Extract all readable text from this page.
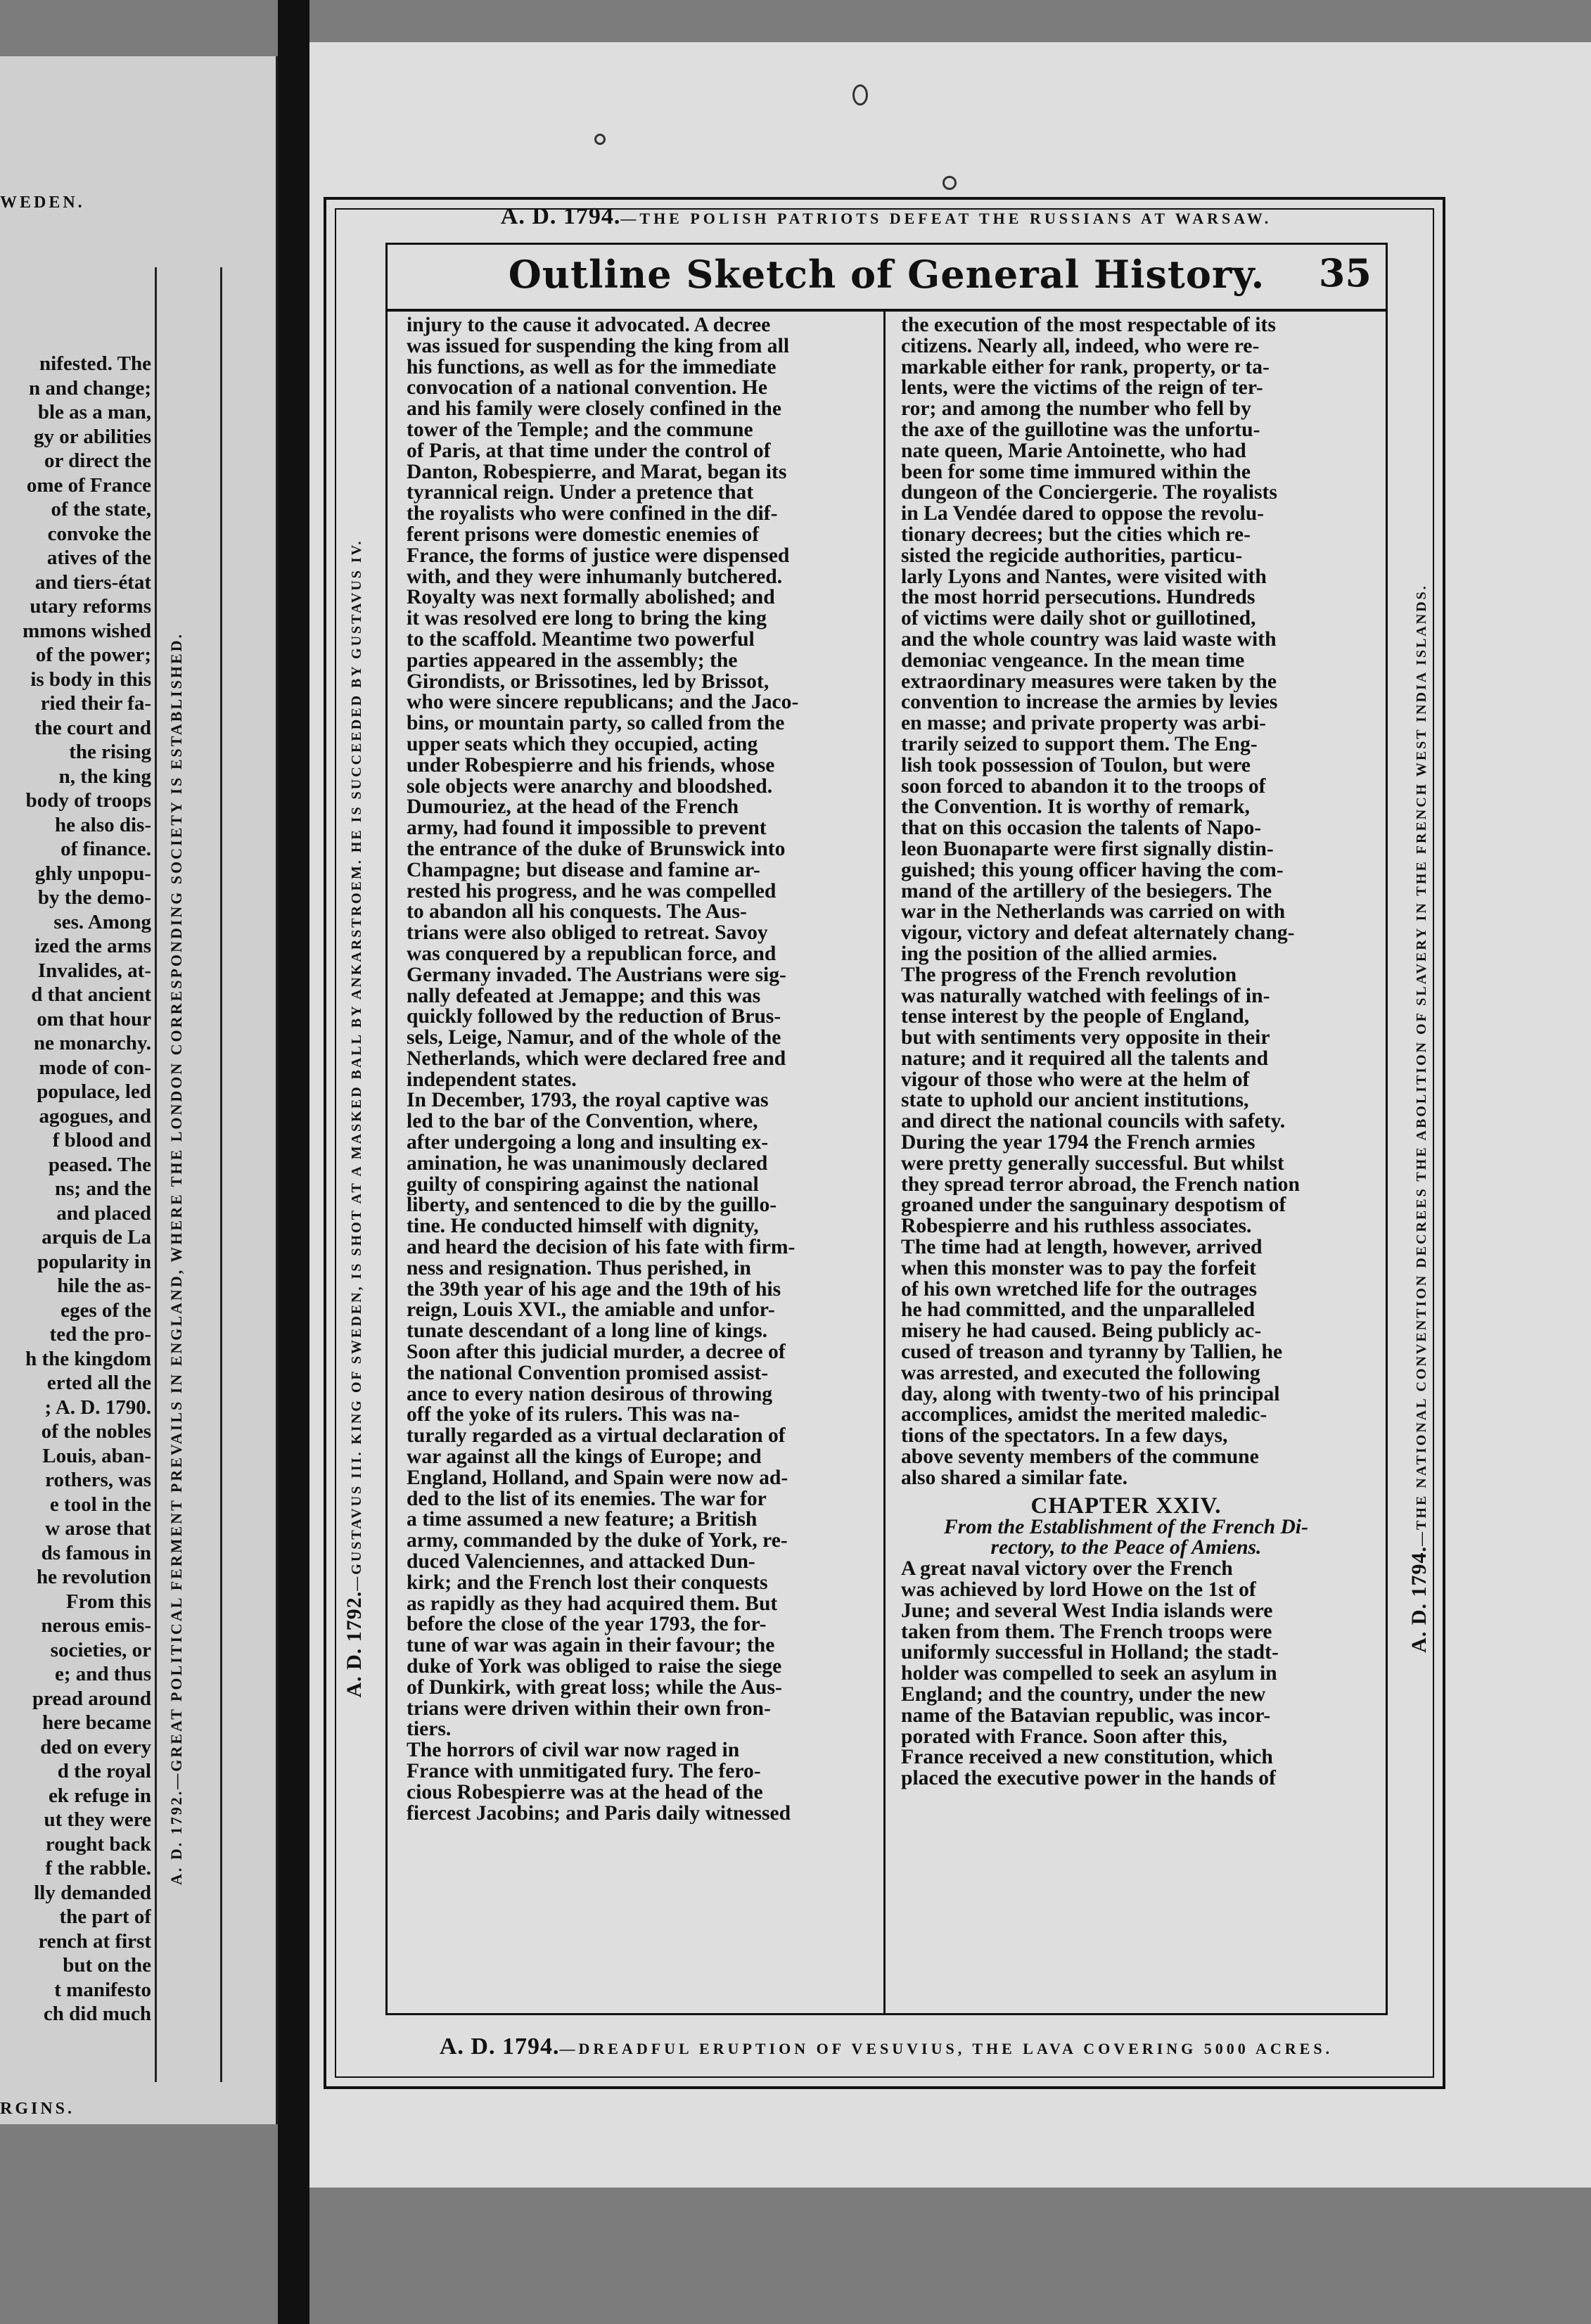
WEDEN.
nifested. The
n and change;
ble as a man,
gy or abilities
or direct the
ome of France
of the state,
convoke the
atives of the
and tiers-état
utary reforms
mmons wished
of the power;
is body in this
ried their fa-
the court and
the rising
n, the king
body of troops
he also dis-
of finance.
ghly unpopu-
by the demo-
ses. Among
ized the arms
Invalides, at-
d that ancient
om that hour
ne monarchy.
mode of con-
populace, led
agogues, and
f blood and
peased. The
ns; and the
and placed
arquis de La
popularity in
hile the as-
eges of the
ted the pro-
h the kingdom
erted all the
; A. D. 1790.
of the nobles
Louis, aban-
rothers, was
e tool in the
w arose that
ds famous in
he revolution
From this
nerous emis-
societies, or
e; and thus
pread around
here became
ded on every
d the royal
ek refuge in
ut they were
rought back
f the rabble.
lly demanded
the part of
rench at first
but on the
t manifesto
ch did much
A. D. 1792.—GREAT POLITICAL FERMENT PREVAILS IN ENGLAND, WHERE THE LONDON CORRESPONDING SOCIETY IS ESTABLISHED.
RGINS.
A. D. 1794.—THE POLISH PATRIOTS DEFEAT THE RUSSIANS AT WARSAW.
Outline Sketch of General History.	35
A. D. 1792.—GUSTAVUS III. KING OF SWEDEN, IS SHOT AT A MASKED BALL BY ANKARSTROEM. HE IS SUCCEEDED BY GUSTAVUS IV.
A. D. 1794.—THE NATIONAL CONVENTION DECREES THE ABOLITION OF SLAVERY IN THE FRENCH WEST INDIA ISLANDS.
injury to the cause it advocated. A decree
was issued for suspending the king from all
his functions, as well as for the immediate
convocation of a national convention. He
and his family were closely confined in the
tower of the Temple; and the commune
of Paris, at that time under the control of
Danton, Robespierre, and Marat, began its
tyrannical reign. Under a pretence that
the royalists who were confined in the dif-
ferent prisons were domestic enemies of
France, the forms of justice were dispensed
with, and they were inhumanly butchered.
Royalty was next formally abolished; and
it was resolved ere long to bring the king
to the scaffold. Meantime two powerful
parties appeared in the assembly; the
Girondists, or Brissotines, led by Brissot,
who were sincere republicans; and the Jaco-
bins, or mountain party, so called from the
upper seats which they occupied, acting
under Robespierre and his friends, whose
sole objects were anarchy and bloodshed.
Dumouriez, at the head of the French
army, had found it impossible to prevent
the entrance of the duke of Brunswick into
Champagne; but disease and famine ar-
rested his progress, and he was compelled
to abandon all his conquests. The Aus-
trians were also obliged to retreat. Savoy
was conquered by a republican force, and
Germany invaded. The Austrians were sig-
nally defeated at Jemappe; and this was
quickly followed by the reduction of Brus-
sels, Leige, Namur, and of the whole of the
Netherlands, which were declared free and
independent states.
In December, 1793, the royal captive was
led to the bar of the Convention, where,
after undergoing a long and insulting ex-
amination, he was unanimously declared
guilty of conspiring against the national
liberty, and sentenced to die by the guillo-
tine. He conducted himself with dignity,
and heard the decision of his fate with firm-
ness and resignation. Thus perished, in
the 39th year of his age and the 19th of his
reign, Louis XVI., the amiable and unfor-
tunate descendant of a long line of kings.
Soon after this judicial murder, a decree of
the national Convention promised assist-
ance to every nation desirous of throwing
off the yoke of its rulers. This was na-
turally regarded as a virtual declaration of
war against all the kings of Europe; and
England, Holland, and Spain were now ad-
ded to the list of its enemies. The war for
a time assumed a new feature; a British
army, commanded by the duke of York, re-
duced Valenciennes, and attacked Dun-
kirk; and the French lost their conquests
as rapidly as they had acquired them. But
before the close of the year 1793, the for-
tune of war was again in their favour; the
duke of York was obliged to raise the siege
of Dunkirk, with great loss; while the Aus-
trians were driven within their own fron-
tiers.
The horrors of civil war now raged in
France with unmitigated fury. The fero-
cious Robespierre was at the head of the
fiercest Jacobins; and Paris daily witnessed
the execution of the most respectable of its
citizens. Nearly all, indeed, who were re-
markable either for rank, property, or ta-
lents, were the victims of the reign of ter-
ror; and among the number who fell by
the axe of the guillotine was the unfortu-
nate queen, Marie Antoinette, who had
been for some time immured within the
dungeon of the Conciergerie. The royalists
in La Vendée dared to oppose the revolu-
tionary decrees; but the cities which re-
sisted the regicide authorities, particu-
larly Lyons and Nantes, were visited with
the most horrid persecutions. Hundreds
of victims were daily shot or guillotined,
and the whole country was laid waste with
demoniac vengeance. In the mean time
extraordinary measures were taken by the
convention to increase the armies by levies
en masse; and private property was arbi-
trarily seized to support them. The Eng-
lish took possession of Toulon, but were
soon forced to abandon it to the troops of
the Convention. It is worthy of remark,
that on this occasion the talents of Napo-
leon Buonaparte were first signally distin-
guished; this young officer having the com-
mand of the artillery of the besiegers. The
war in the Netherlands was carried on with
vigour, victory and defeat alternately chang-
ing the position of the allied armies.
The progress of the French revolution
was naturally watched with feelings of in-
tense interest by the people of England,
but with sentiments very opposite in their
nature; and it required all the talents and
vigour of those who were at the helm of
state to uphold our ancient institutions,
and direct the national councils with safety.
During the year 1794 the French armies
were pretty generally successful. But whilst
they spread terror abroad, the French nation
groaned under the sanguinary despotism of
Robespierre and his ruthless associates.
The time had at length, however, arrived
when this monster was to pay the forfeit
of his own wretched life for the outrages
he had committed, and the unparalleled
misery he had caused. Being publicly ac-
cused of treason and tyranny by Tallien, he
was arrested, and executed the following
day, along with twenty-two of his principal
accomplices, amidst the merited maledic-
tions of the spectators. In a few days,
above seventy members of the commune
also shared a similar fate.
CHAPTER XXIV.
From the Establishment of the French Di-
rectory, to the Peace of Amiens.
A great naval victory over the French
was achieved by lord Howe on the 1st of
June; and several West India islands were
taken from them. The French troops were
uniformly successful in Holland; the stadt-
holder was compelled to seek an asylum in
England; and the country, under the new
name of the Batavian republic, was incor-
porated with France. Soon after this,
France received a new constitution, which
placed the executive power in the hands of
A. D. 1794.—DREADFUL ERUPTION OF VESUVIUS, THE LAVA COVERING 5000 ACRES.
